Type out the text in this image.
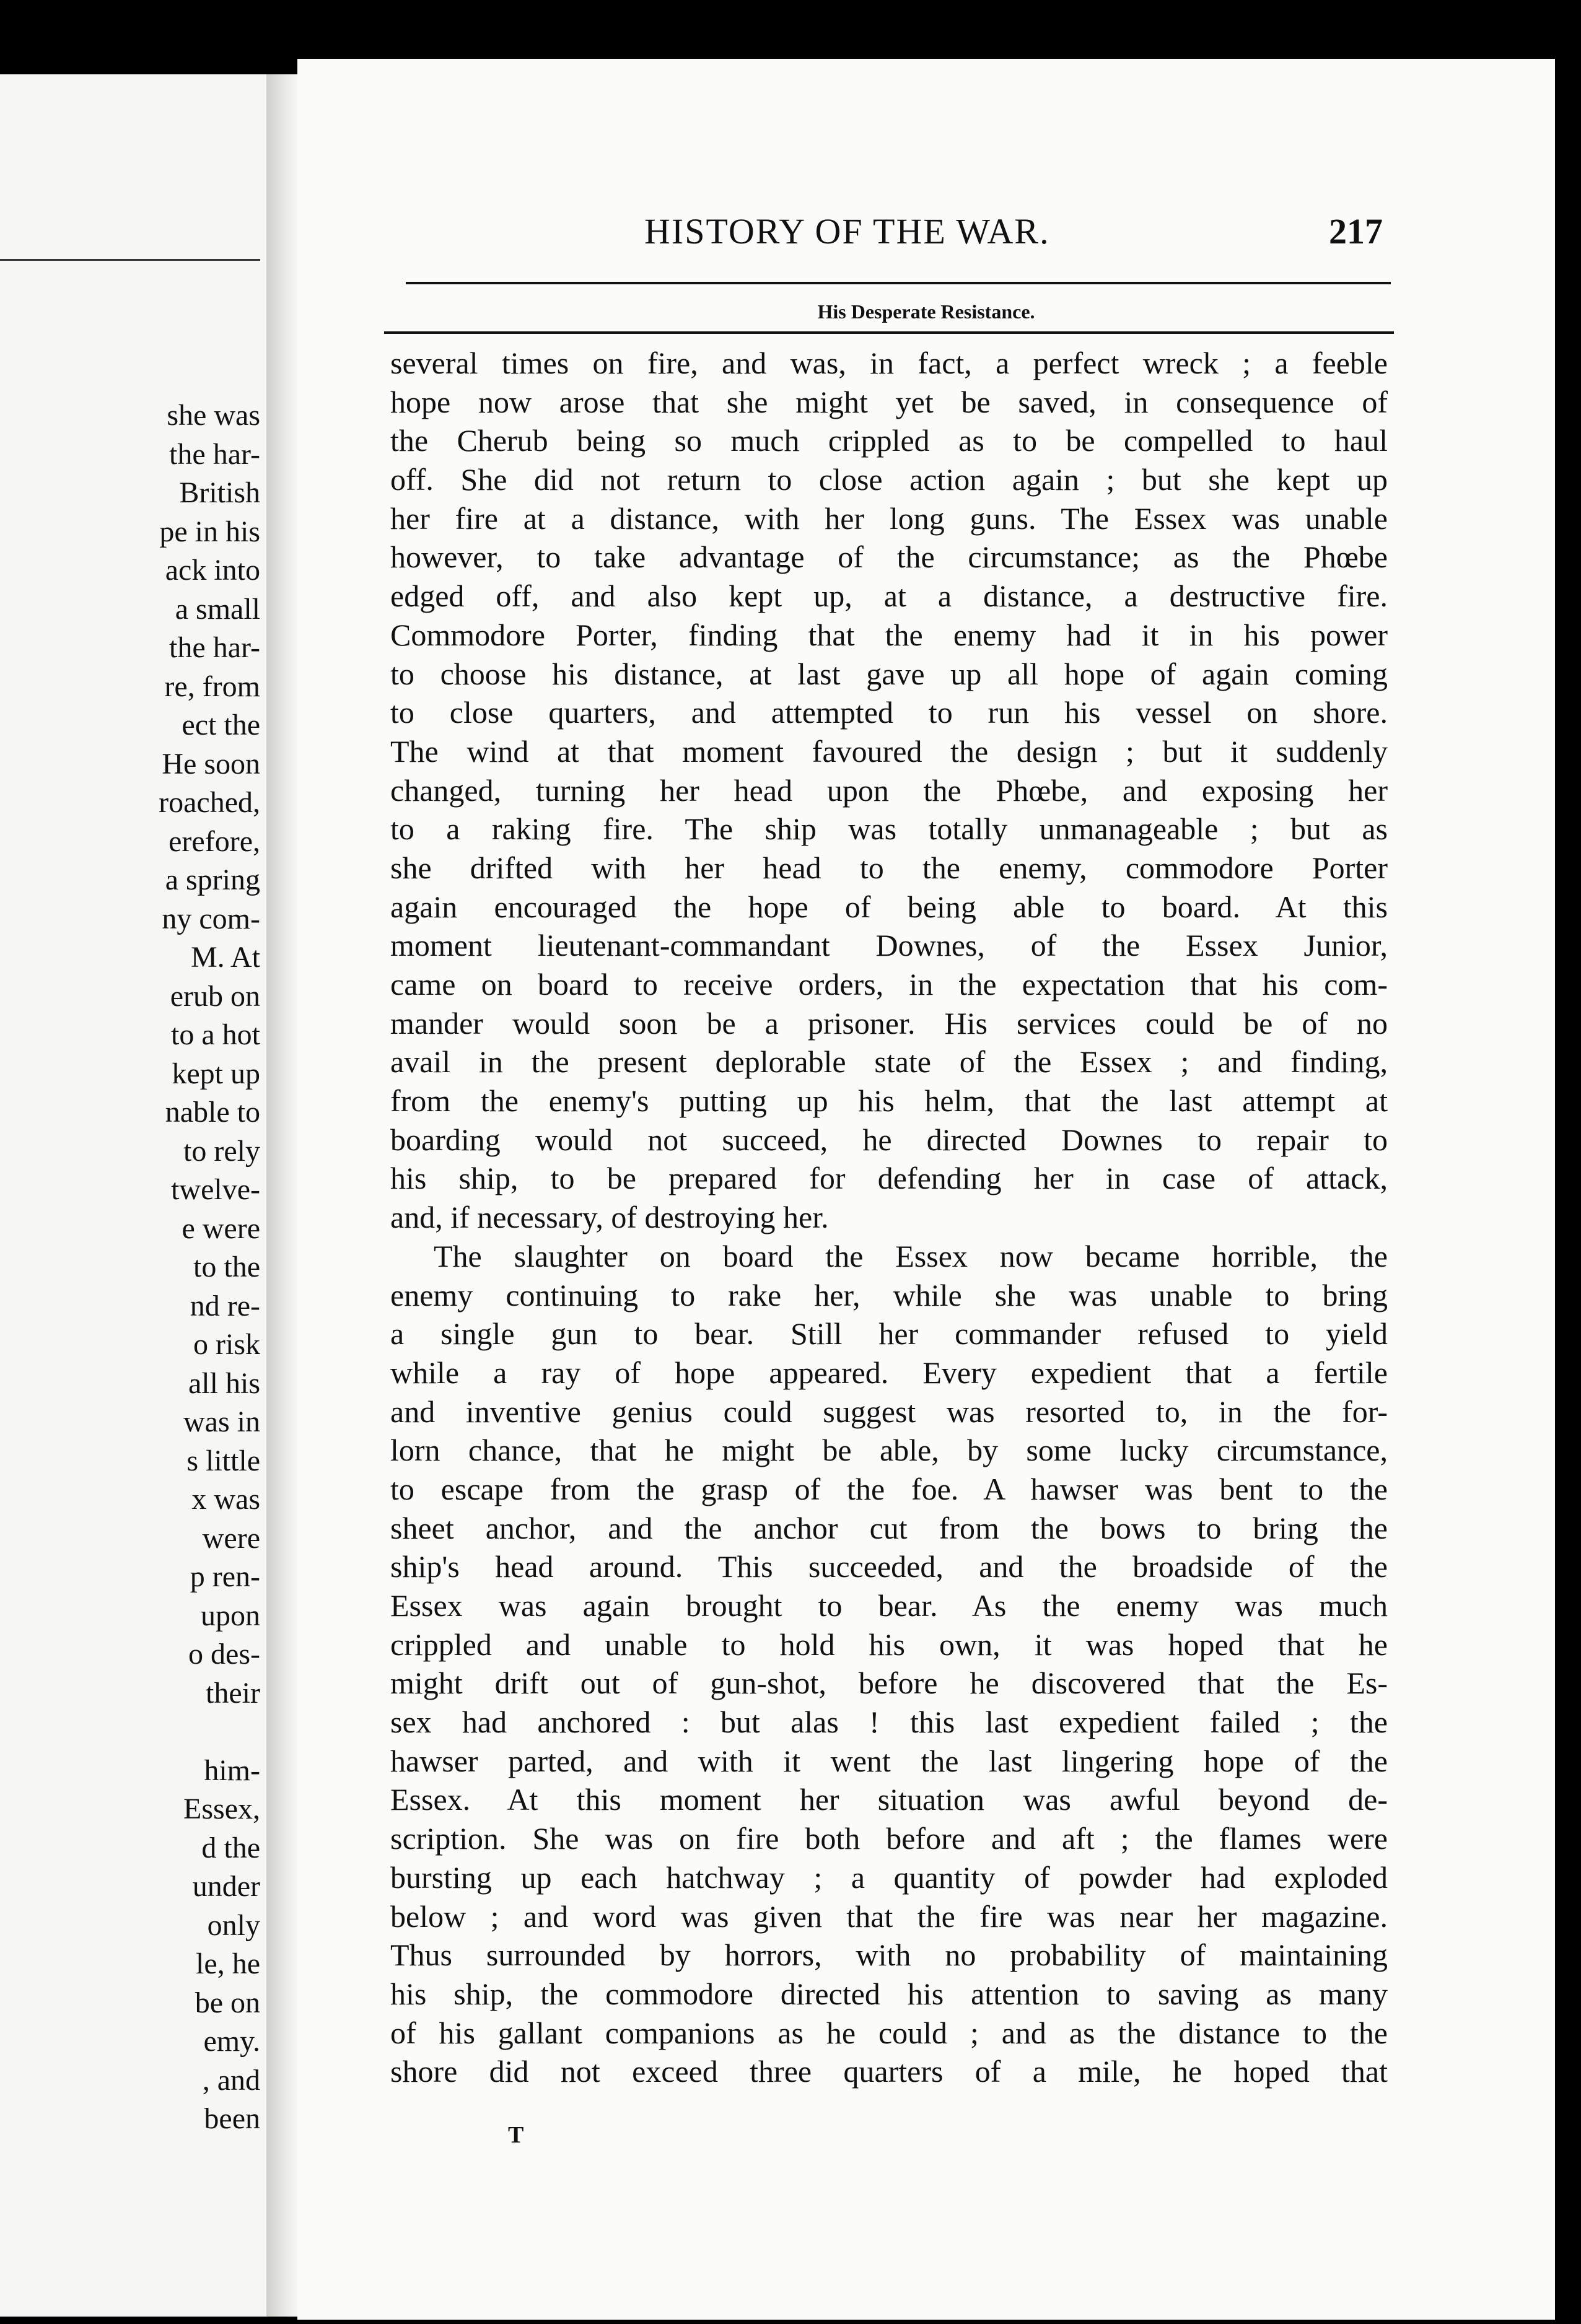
she was
the har-
British
pe in his
ack into
a small
the har-
re, from
ect the
He soon
roached,
erefore,
a spring
ny com-
M. At
erub on
to a hot
kept up
nable to
to rely
twelve-
e were
to the
nd re-
o risk
all his
was in
s little
x was
were
p ren-
upon
o des-
their
him-
Essex,
d the
under
only
le, he
be on
emy.
, and
been
HISTORY OF THE WAR.	217
His Desperate Resistance.
several times on fire, and was, in fact, a perfect wreck ; a feeble
hope now arose that she might yet be saved, in consequence of
the Cherub being so much crippled as to be compelled to haul
off. She did not return to close action again ; but she kept up
her fire at a distance, with her long guns. The Essex was unable
however, to take advantage of the circumstance; as the Phœbe
edged off, and also kept up, at a distance, a destructive fire.
Commodore Porter, finding that the enemy had it in his power
to choose his distance, at last gave up all hope of again coming
to close quarters, and attempted to run his vessel on shore.
The wind at that moment favoured the design ; but it suddenly
changed, turning her head upon the Phœbe, and exposing her
to a raking fire. The ship was totally unmanageable ; but as
she drifted with her head to the enemy, commodore Porter
again encouraged the hope of being able to board. At this
moment lieutenant-commandant Downes, of the Essex Junior,
came on board to receive orders, in the expectation that his com-
mander would soon be a prisoner. His services could be of no
avail in the present deplorable state of the Essex ; and finding,
from the enemy's putting up his helm, that the last attempt at
boarding would not succeed, he directed Downes to repair to
his ship, to be prepared for defending her in case of attack,
and, if necessary, of destroying her.
The slaughter on board the Essex now became horrible, the
enemy continuing to rake her, while she was unable to bring
a single gun to bear. Still her commander refused to yield
while a ray of hope appeared. Every expedient that a fertile
and inventive genius could suggest was resorted to, in the for-
lorn chance, that he might be able, by some lucky circumstance,
to escape from the grasp of the foe. A hawser was bent to the
sheet anchor, and the anchor cut from the bows to bring the
ship's head around. This succeeded, and the broadside of the
Essex was again brought to bear. As the enemy was much
crippled and unable to hold his own, it was hoped that he
might drift out of gun-shot, before he discovered that the Es-
sex had anchored : but alas ! this last expedient failed ; the
hawser parted, and with it went the last lingering hope of the
Essex. At this moment her situation was awful beyond de-
scription. She was on fire both before and aft ; the flames were
bursting up each hatchway ; a quantity of powder had exploded
below ; and word was given that the fire was near her magazine.
Thus surrounded by horrors, with no probability of maintaining
his ship, the commodore directed his attention to saving as many
of his gallant companions as he could ; and as the distance to the
shore did not exceed three quarters of a mile, he hoped that
T
